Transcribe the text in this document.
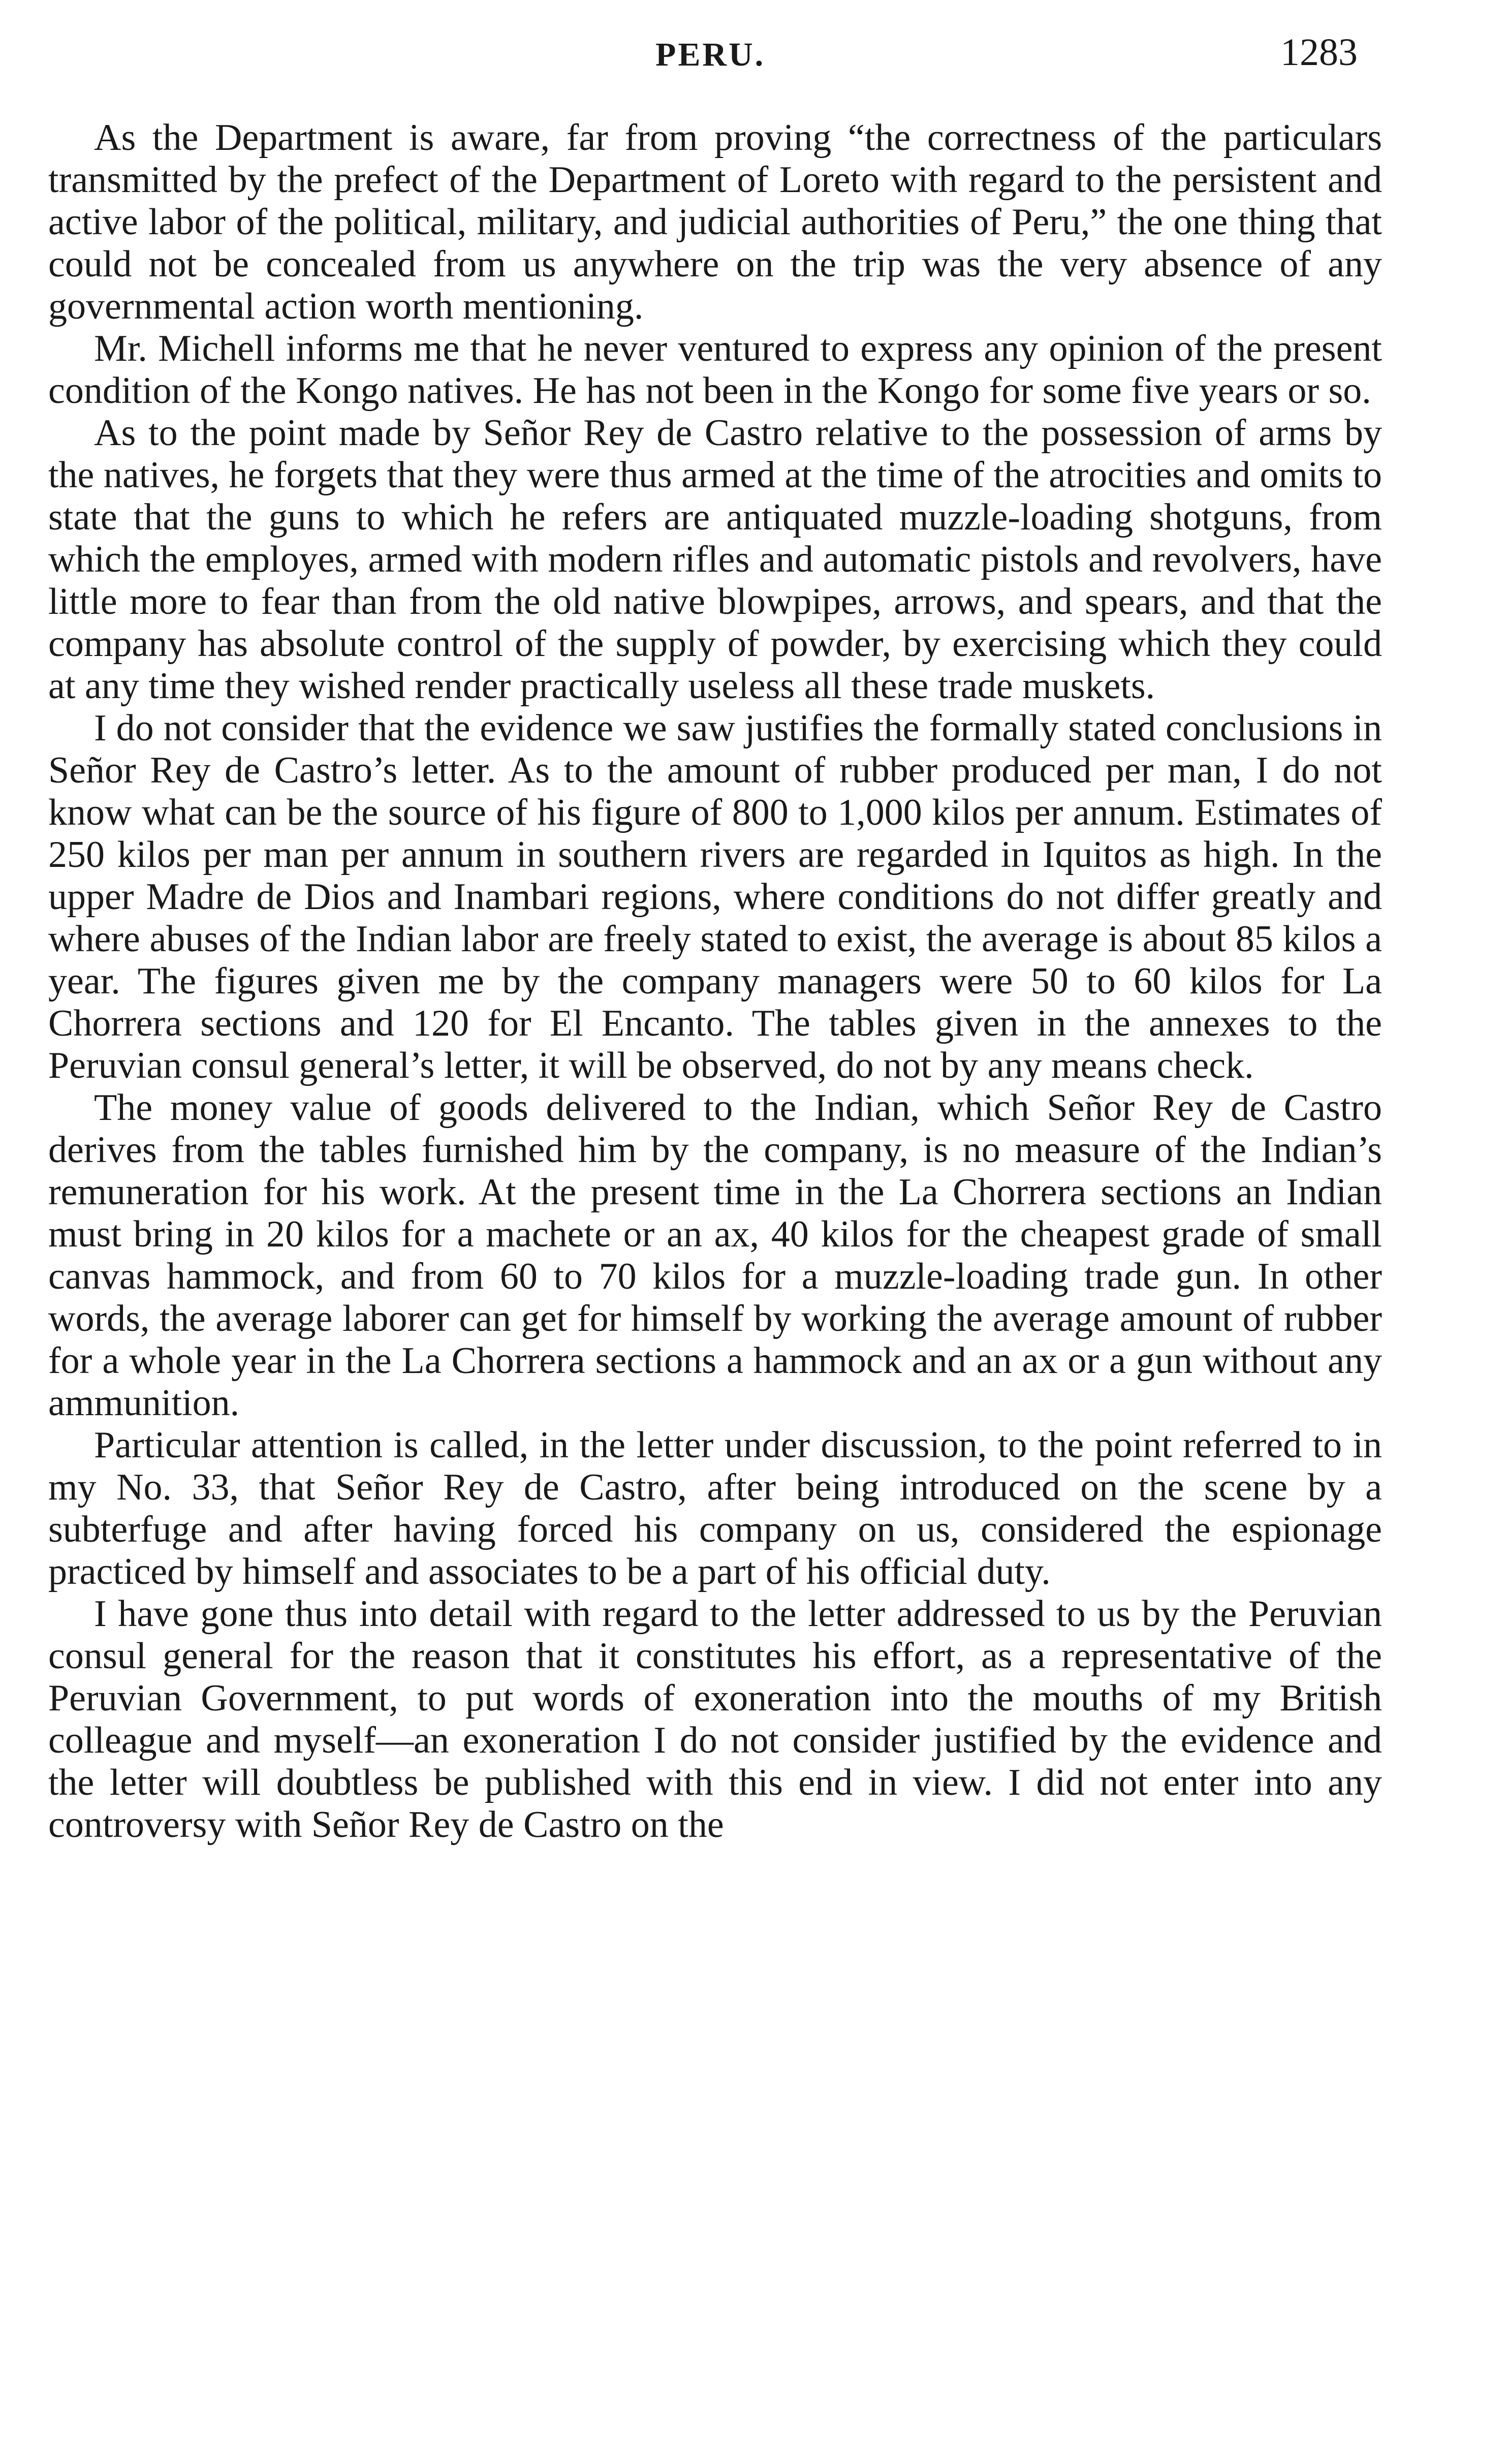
PERU.	1283

As the Department is aware, far from proving “the correctness of the particulars transmitted by the prefect of the Department of Loreto with regard to the persistent and active labor of the political, military, and judicial authorities of Peru,” the one thing that could not be concealed from us anywhere on the trip was the very absence of any governmental action worth mentioning.

Mr. Michell informs me that he never ventured to express any opinion of the present condition of the Kongo natives. He has not been in the Kongo for some five years or so.

As to the point made by Señor Rey de Castro relative to the possession of arms by the natives, he forgets that they were thus armed at the time of the atrocities and omits to state that the guns to which he refers are antiquated muzzle-loading shotguns, from which the employes, armed with modern rifles and automatic pistols and revolvers, have little more to fear than from the old native blowpipes, arrows, and spears, and that the company has absolute control of the supply of powder, by exercising which they could at any time they wished render practically useless all these trade muskets.

I do not consider that the evidence we saw justifies the formally stated conclusions in Señor Rey de Castro’s letter. As to the amount of rubber produced per man, I do not know what can be the source of his figure of 800 to 1,000 kilos per annum. Estimates of 250 kilos per man per annum in southern rivers are regarded in Iquitos as high. In the upper Madre de Dios and Inambari regions, where conditions do not differ greatly and where abuses of the Indian labor are freely stated to exist, the average is about 85 kilos a year. The figures given me by the company managers were 50 to 60 kilos for La Chorrera sections and 120 for El Encanto. The tables given in the annexes to the Peruvian consul general’s letter, it will be observed, do not by any means check.

The money value of goods delivered to the Indian, which Señor Rey de Castro derives from the tables furnished him by the company, is no measure of the Indian’s remuneration for his work. At the present time in the La Chorrera sections an Indian must bring in 20 kilos for a machete or an ax, 40 kilos for the cheapest grade of small canvas hammock, and from 60 to 70 kilos for a muzzle-loading trade gun. In other words, the average laborer can get for himself by working the average amount of rubber for a whole year in the La Chorrera sections a hammock and an ax or a gun without any ammunition.

Particular attention is called, in the letter under discussion, to the point referred to in my No. 33, that Señor Rey de Castro, after being introduced on the scene by a subterfuge and after having forced his company on us, considered the espionage practiced by himself and associates to be a part of his official duty.

I have gone thus into detail with regard to the letter addressed to us by the Peruvian consul general for the reason that it constitutes his effort, as a representative of the Peruvian Government, to put words of exoneration into the mouths of my British colleague and myself—an exoneration I do not consider justified by the evidence and the letter will doubtless be published with this end in view. I did not enter into any controversy with Señor Rey de Castro on the
